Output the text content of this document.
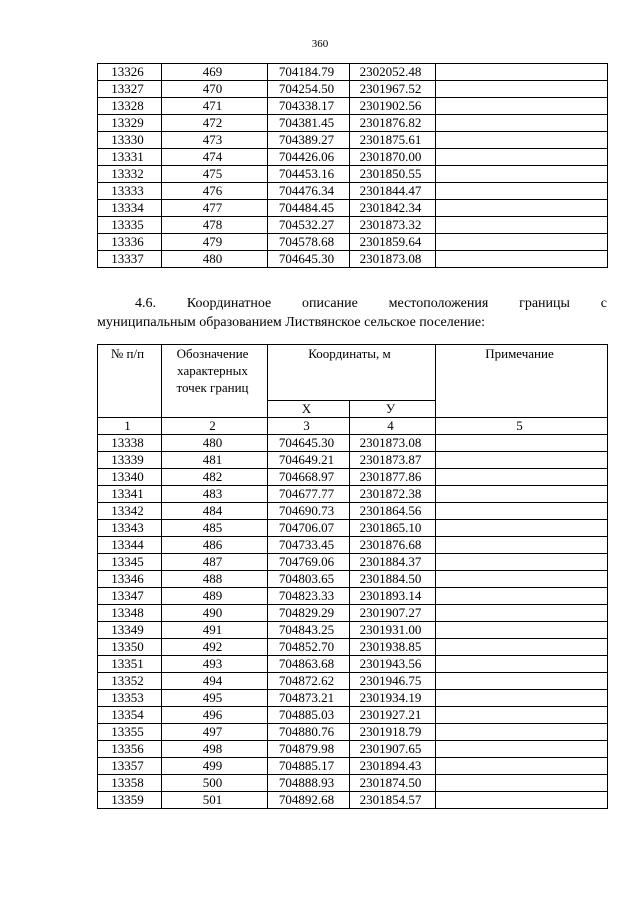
360
13326	469	704184.79	2302052.48	
13327	470	704254.50	2301967.52	
13328	471	704338.17	2301902.56	
13329	472	704381.45	2301876.82	
13330	473	704389.27	2301875.61	
13331	474	704426.06	2301870.00	
13332	475	704453.16	2301850.55	
13333	476	704476.34	2301844.47	
13334	477	704484.45	2301842.34	
13335	478	704532.27	2301873.32	
13336	479	704578.68	2301859.64	
13337	480	704645.30	2301873.08	
4.6. Координатное описание местоположения границы с
муниципальным образованием Листвянское сельское поселение:
№ п/п	Обозначение характерных точек границ	Координаты, м		Примечание
		Х	У	
1	2	3	4	5
13338	480	704645.30	2301873.08	
13339	481	704649.21	2301873.87	
13340	482	704668.97	2301877.86	
13341	483	704677.77	2301872.38	
13342	484	704690.73	2301864.56	
13343	485	704706.07	2301865.10	
13344	486	704733.45	2301876.68	
13345	487	704769.06	2301884.37	
13346	488	704803.65	2301884.50	
13347	489	704823.33	2301893.14	
13348	490	704829.29	2301907.27	
13349	491	704843.25	2301931.00	
13350	492	704852.70	2301938.85	
13351	493	704863.68	2301943.56	
13352	494	704872.62	2301946.75	
13353	495	704873.21	2301934.19	
13354	496	704885.03	2301927.21	
13355	497	704880.76	2301918.79	
13356	498	704879.98	2301907.65	
13357	499	704885.17	2301894.43	
13358	500	704888.93	2301874.50	
13359	501	704892.68	2301854.57	
